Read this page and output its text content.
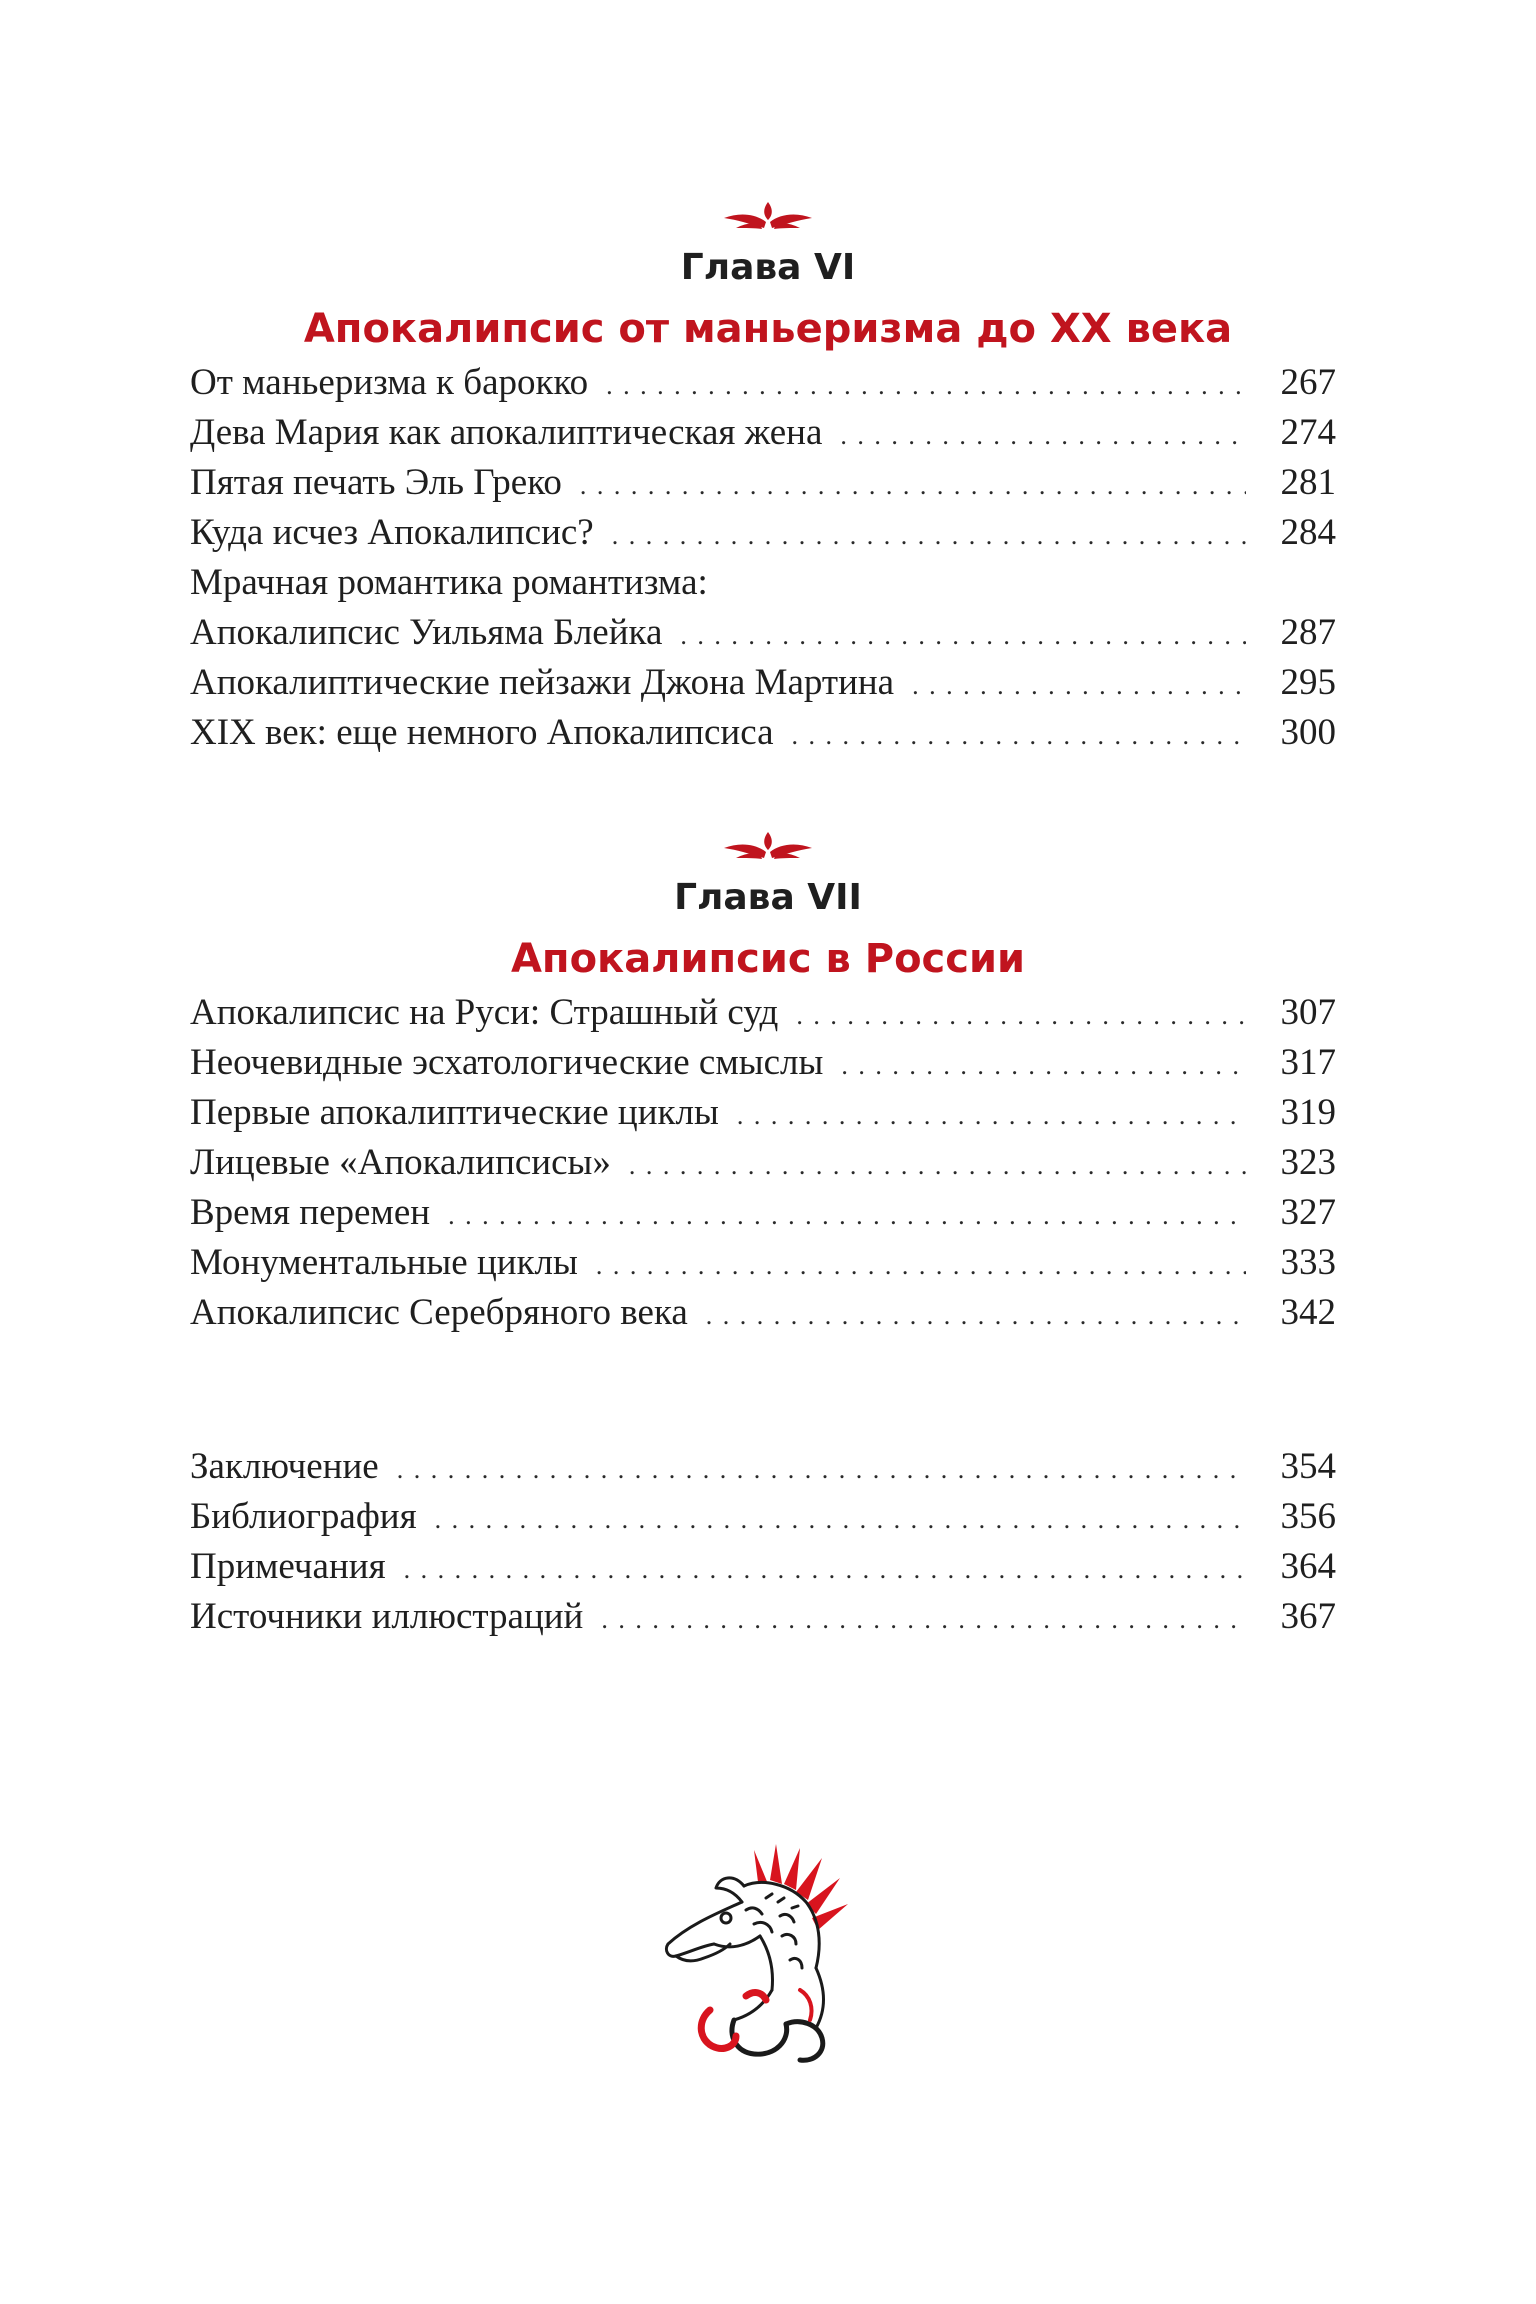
Глава VI
Апокалипсис от маньеризма до XX века
От маньеризма к барокко . . .	267
Дева Мария как апокалиптическая жена . . .	274
Пятая печать Эль Греко . . .	281
Куда исчез Апокалипсис? . . .	284
Мрачная романтика романтизма:
Апокалипсис Уильяма Блейка . . .	287
Апокалиптические пейзажи Джона Мартина . . .	295
XIX век: еще немного Апокалипсиса . . .	300
Глава VII
Апокалипсис в России
Апокалипсис на Руси: Страшный суд . . .	307
Неочевидные эсхатологические смыслы . . .	317
Первые апокалиптические циклы . . .	319
Лицевые «Апокалипсисы» . . .	323
Время перемен . . .	327
Монументальные циклы . . .	333
Апокалипсис Серебряного века . . .	342
Заключение . . .	354
Библиография . . .	356
Примечания . . .	364
Источники иллюстраций . . .	367
